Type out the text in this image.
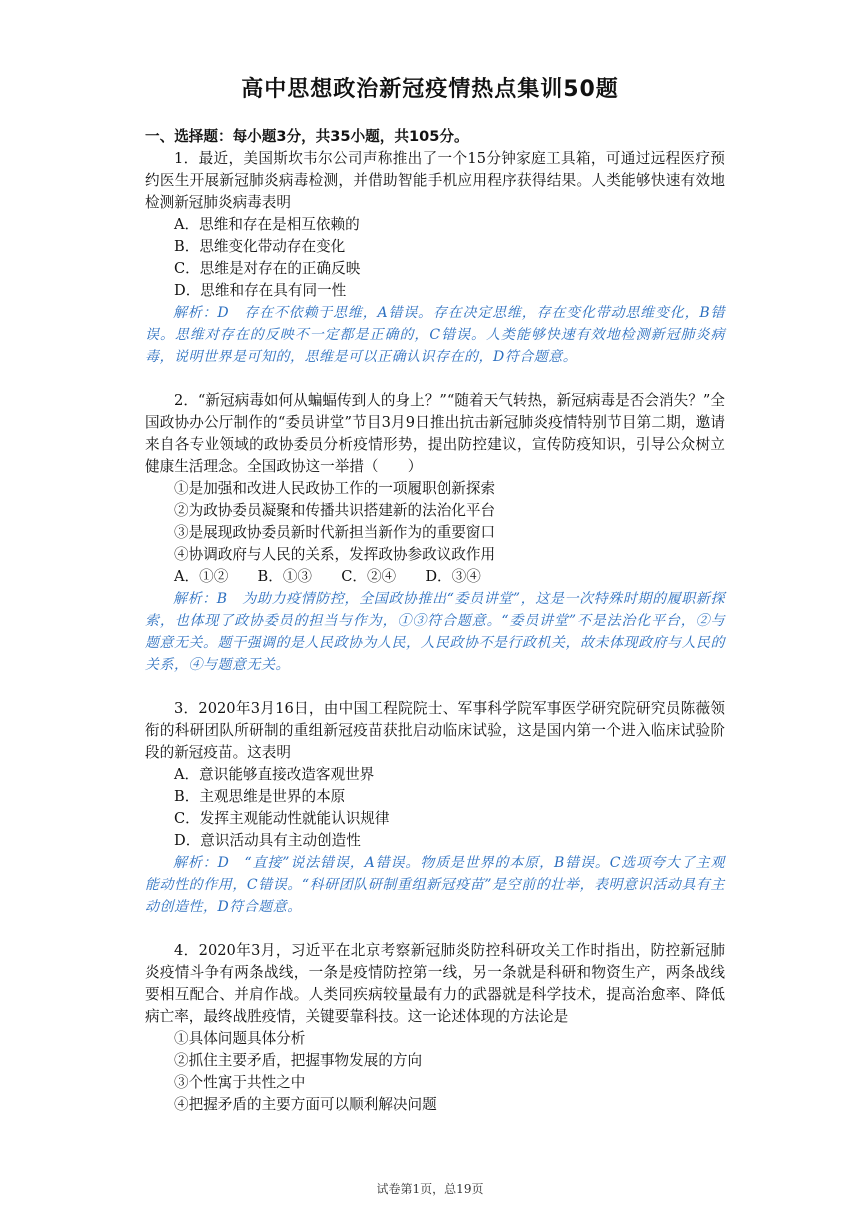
高中思想政治新冠疫情热点集训50题
一、选择题：每小题3分，共35小题，共105分。

1．最近，美国斯坎韦尔公司声称推出了一个15分钟家庭工具箱，可通过远程医疗预约医生开展新冠肺炎病毒检测，并借助智能手机应用程序获得结果。人类能够快速有效地检测新冠肺炎病毒表明

A．思维和存在是相互依赖的

B．思维变化带动存在变化

C．思维是对存在的正确反映

D．思维和存在具有同一性

解析：D　存在不依赖于思维，A错误。存在决定思维，存在变化带动思维变化，B错误。思维对存在的反映不一定都是正确的，C错误。人类能够快速有效地检测新冠肺炎病毒，说明世界是可知的，思维是可以正确认识存在的，D符合题意。

2．“新冠病毒如何从蝙蝠传到人的身上？”“随着天气转热，新冠病毒是否会消失？”全国政协办公厅制作的“委员讲堂”节目3月9日推出抗击新冠肺炎疫情特别节目第二期，邀请来自各专业领域的政协委员分析疫情形势，提出防控建议，宣传防疫知识，引导公众树立健康生活理念。全国政协这一举措（　　）

①是加强和改进人民政协工作的一项履职创新探索

②为政协委员凝聚和传播共识搭建新的法治化平台

③是展现政协委员新时代新担当新作为的重要窗口

④协调政府与人民的关系，发挥政协参政议政作用

A．①②　　B．①③　　C．②④　　D．③④

解析：B　为助力疫情防控，全国政协推出“委员讲堂”，这是一次特殊时期的履职新探索，也体现了政协委员的担当与作为，①③符合题意。“委员讲堂”不是法治化平台，②与题意无关。题干强调的是人民政协为人民，人民政协不是行政机关，故未体现政府与人民的关系，④与题意无关。

3．2020年3月16日，由中国工程院院士、军事科学院军事医学研究院研究员陈薇领衔的科研团队所研制的重组新冠疫苗获批启动临床试验，这是国内第一个进入临床试验阶段的新冠疫苗。这表明

A．意识能够直接改造客观世界

B．主观思维是世界的本原

C．发挥主观能动性就能认识规律

D．意识活动具有主动创造性

解析：D　“直接”说法错误，A错误。物质是世界的本原，B错误。C选项夸大了主观能动性的作用，C错误。“科研团队研制重组新冠疫苗”是空前的壮举，表明意识活动具有主动创造性，D符合题意。

4．2020年3月，习近平在北京考察新冠肺炎防控科研攻关工作时指出，防控新冠肺炎疫情斗争有两条战线，一条是疫情防控第一线，另一条就是科研和物资生产，两条战线要相互配合、并肩作战。人类同疾病较量最有力的武器就是科学技术，提高治愈率、降低病亡率，最终战胜疫情，关键要靠科技。这一论述体现的方法论是

①具体问题具体分析

②抓住主要矛盾，把握事物发展的方向

③个性寓于共性之中

④把握矛盾的主要方面可以顺利解决问题

试卷第1页，总19页
